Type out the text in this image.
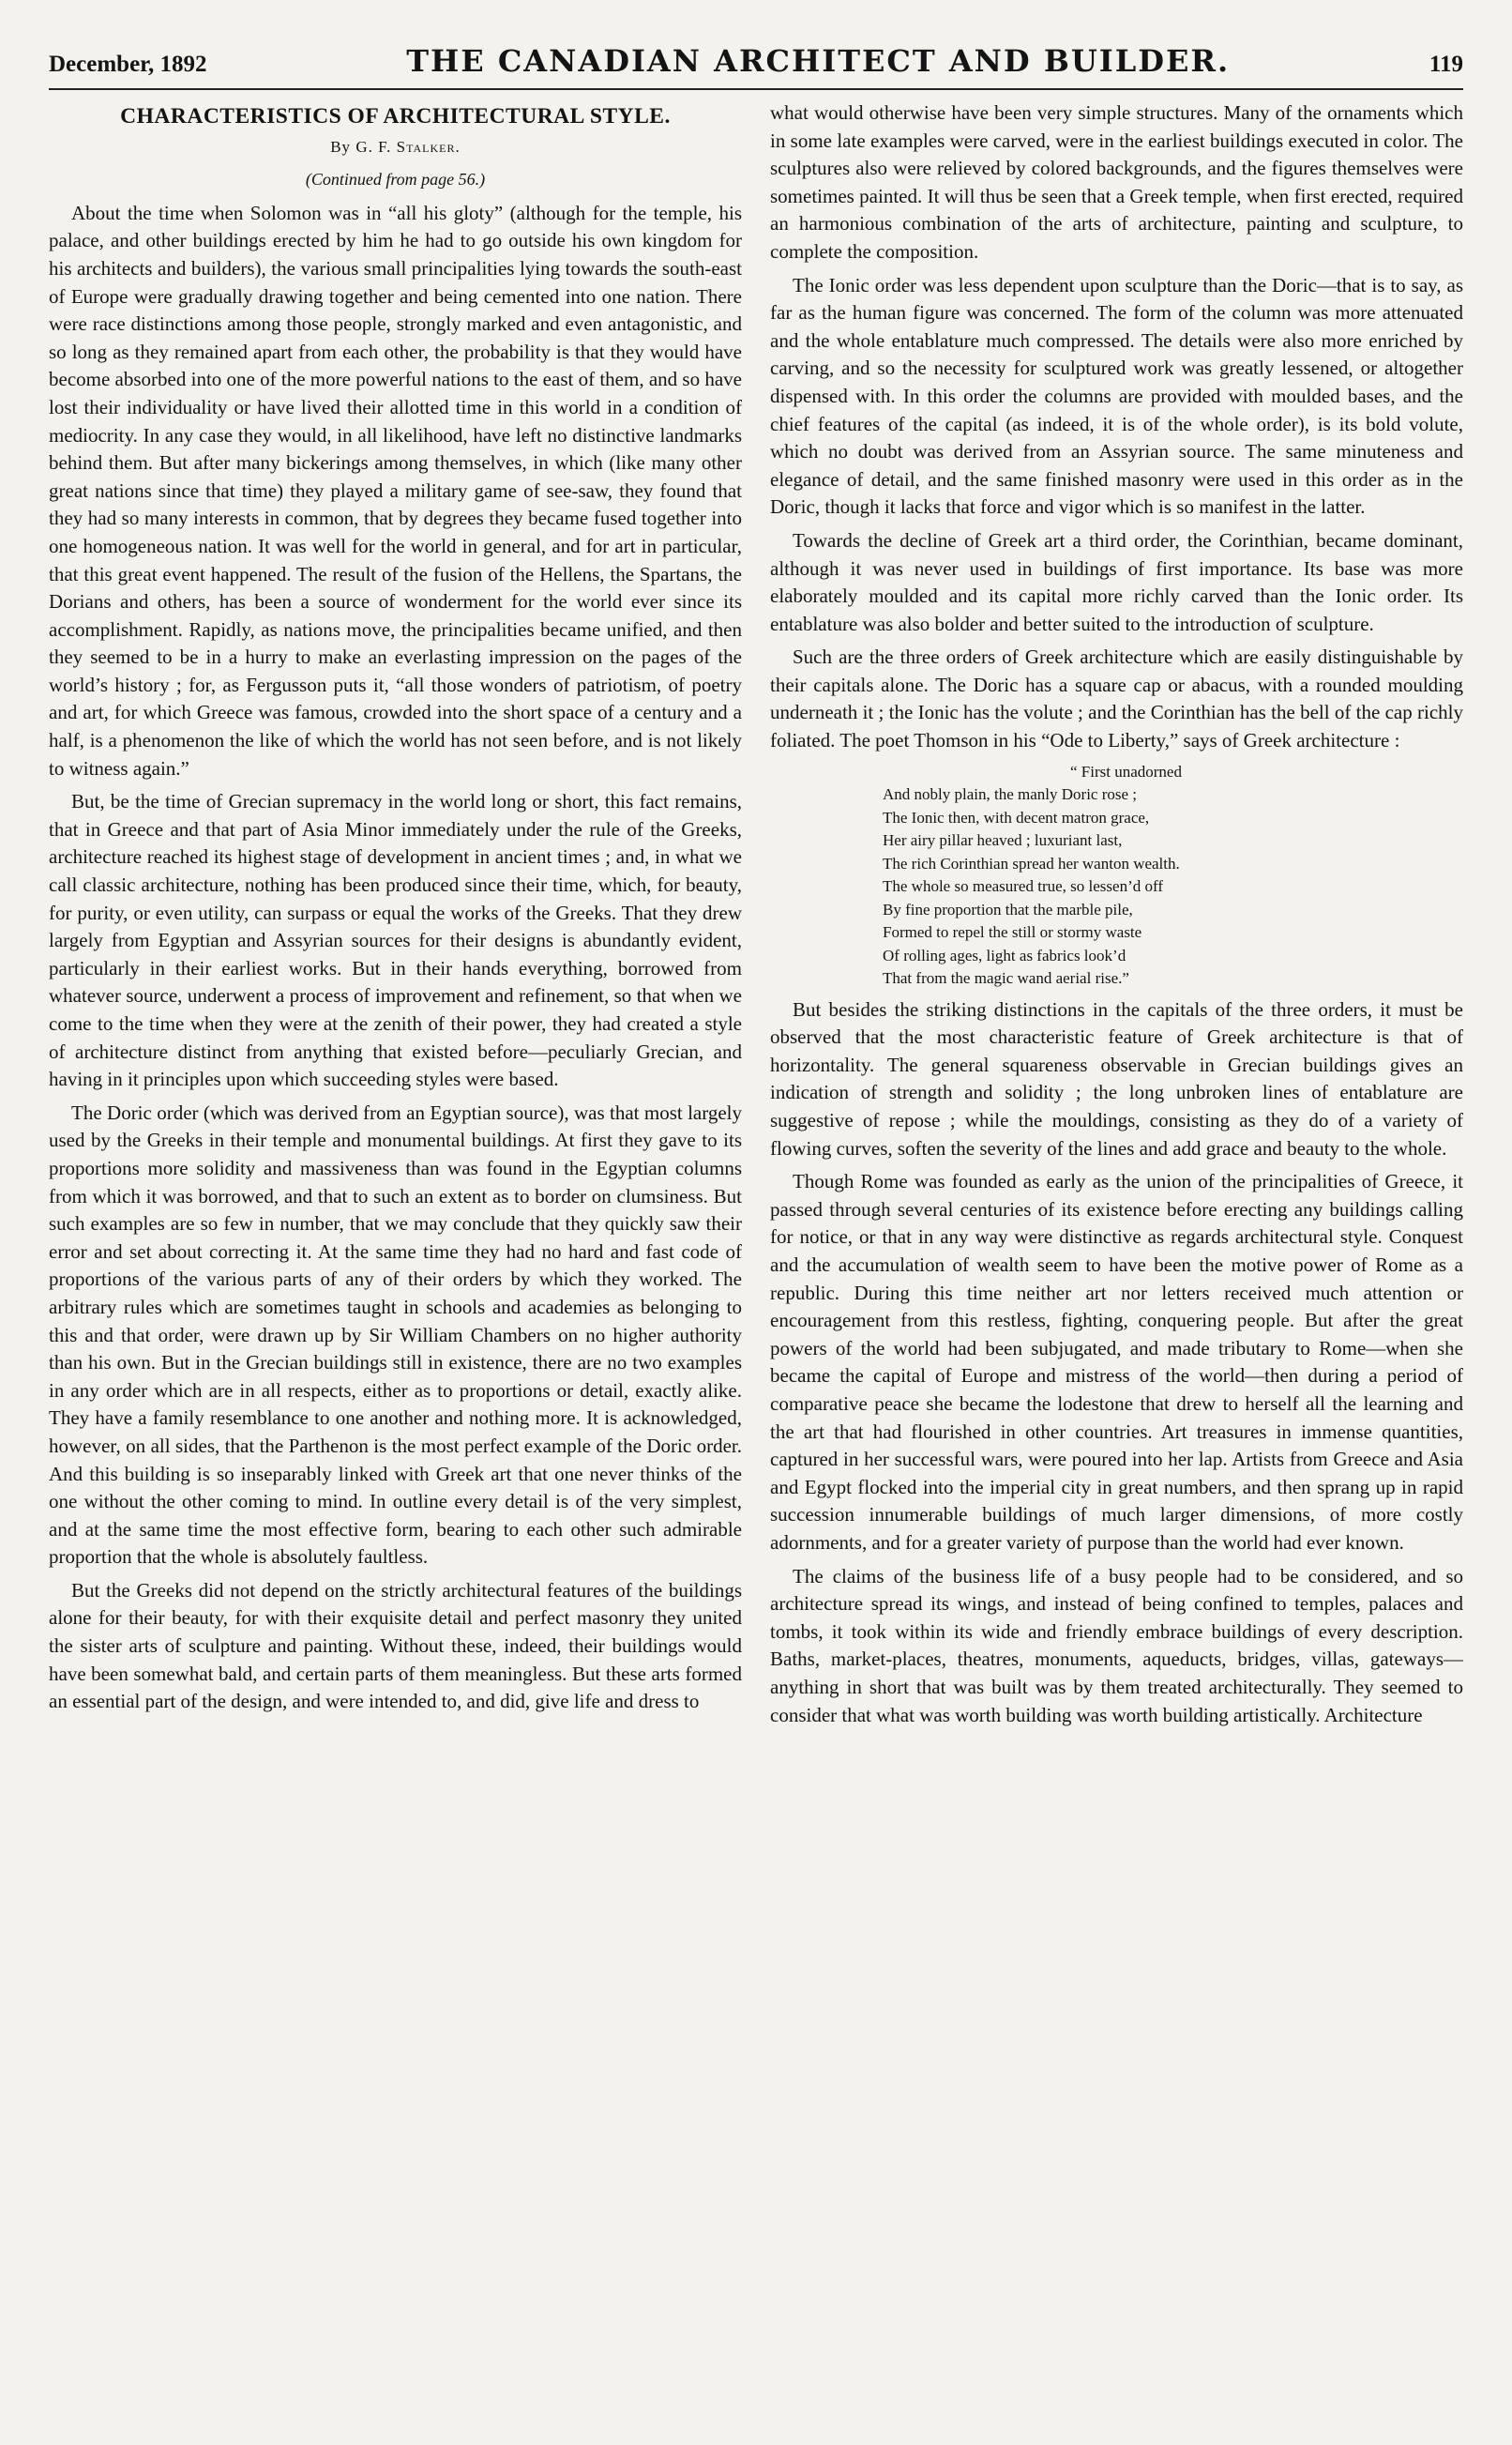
December, 1892	THE CANADIAN ARCHITECT AND BUILDER.	119
CHARACTERISTICS OF ARCHITECTURAL STYLE.

By G. F. Stalker.

(Continued from page 56.)

About the time when Solomon was in “all his gloty” (although for the temple, his palace, and other buildings erected by him he had to go outside his own kingdom for his architects and builders), the various small principalities lying towards the south-east of Europe were gradually drawing together and being cemented into one nation. There were race distinctions among those people, strongly marked and even antagonistic, and so long as they remained apart from each other, the probability is that they would have become absorbed into one of the more powerful nations to the east of them, and so have lost their individuality or have lived their allotted time in this world in a condition of mediocrity. In any case they would, in all likelihood, have left no distinctive landmarks behind them. But after many bickerings among themselves, in which (like many other great nations since that time) they played a military game of see-saw, they found that they had so many interests in common, that by degrees they became fused together into one homogeneous nation. It was well for the world in general, and for art in particular, that this great event happened. The result of the fusion of the Hellens, the Spartans, the Dorians and others, has been a source of wonderment for the world ever since its accomplishment. Rapidly, as nations move, the principalities became unified, and then they seemed to be in a hurry to make an everlasting impression on the pages of the world’s history ; for, as Fergusson puts it, “all those wonders of patriotism, of poetry and art, for which Greece was famous, crowded into the short space of a century and a half, is a phenomenon the like of which the world has not seen before, and is not likely to witness again.”

But, be the time of Grecian supremacy in the world long or short, this fact remains, that in Greece and that part of Asia Minor immediately under the rule of the Greeks, architecture reached its highest stage of development in ancient times ; and, in what we call classic architecture, nothing has been produced since their time, which, for beauty, for purity, or even utility, can surpass or equal the works of the Greeks. That they drew largely from Egyptian and Assyrian sources for their designs is abundantly evident, particularly in their earliest works. But in their hands everything, borrowed from whatever source, underwent a process of improvement and refinement, so that when we come to the time when they were at the zenith of their power, they had created a style of architecture distinct from anything that existed before—peculiarly Grecian, and having in it principles upon which succeeding styles were based.

The Doric order (which was derived from an Egyptian source), was that most largely used by the Greeks in their temple and monumental buildings. At first they gave to its proportions more solidity and massiveness than was found in the Egyptian columns from which it was borrowed, and that to such an extent as to border on clumsiness. But such examples are so few in number, that we may conclude that they quickly saw their error and set about correcting it. At the same time they had no hard and fast code of proportions of the various parts of any of their orders by which they worked. The arbitrary rules which are sometimes taught in schools and academies as belonging to this and that order, were drawn up by Sir William Chambers on no higher authority than his own. But in the Grecian buildings still in existence, there are no two examples in any order which are in all respects, either as to proportions or detail, exactly alike. They have a family resemblance to one another and nothing more. It is acknowledged, however, on all sides, that the Parthenon is the most perfect example of the Doric order. And this building is so inseparably linked with Greek art that one never thinks of the one without the other coming to mind. In outline every detail is of the very simplest, and at the same time the most effective form, bearing to each other such admirable proportion that the whole is absolutely faultless.

But the Greeks did not depend on the strictly architectural features of the buildings alone for their beauty, for with their exquisite detail and perfect masonry they united the sister arts of sculpture and painting. Without these, indeed, their buildings would have been somewhat bald, and certain parts of them meaningless. But these arts formed an essential part of the design, and were intended to, and did, give life and dress to

what would otherwise have been very simple structures. Many of the ornaments which in some late examples were carved, were in the earliest buildings executed in color. The sculptures also were relieved by colored backgrounds, and the figures themselves were sometimes painted. It will thus be seen that a Greek temple, when first erected, required an harmonious combination of the arts of architecture, painting and sculpture, to complete the composition.

The Ionic order was less dependent upon sculpture than the Doric—that is to say, as far as the human figure was concerned. The form of the column was more attenuated and the whole entablature much compressed. The details were also more enriched by carving, and so the necessity for sculptured work was greatly lessened, or altogether dispensed with. In this order the columns are provided with moulded bases, and the chief features of the capital (as indeed, it is of the whole order), is its bold volute, which no doubt was derived from an Assyrian source. The same minuteness and elegance of detail, and the same finished masonry were used in this order as in the Doric, though it lacks that force and vigor which is so manifest in the latter.

Towards the decline of Greek art a third order, the Corinthian, became dominant, although it was never used in buildings of first importance. Its base was more elaborately moulded and its capital more richly carved than the Ionic order. Its entablature was also bolder and better suited to the introduction of sculpture.

Such are the three orders of Greek architecture which are easily distinguishable by their capitals alone. The Doric has a square cap or abacus, with a rounded moulding underneath it ; the Ionic has the volute ; and the Corinthian has the bell of the cap richly foliated. The poet Thomson in his “Ode to Liberty,” says of Greek architecture :

“ First unadorned
And nobly plain, the manly Doric rose ;
The Ionic then, with decent matron grace,
Her airy pillar heaved ; luxuriant last,
The rich Corinthian spread her wanton wealth.
The whole so measured true, so lessen’d off
By fine proportion that the marble pile,
Formed to repel the still or stormy waste
Of rolling ages, light as fabrics look’d
That from the magic wand aerial rise.”

But besides the striking distinctions in the capitals of the three orders, it must be observed that the most characteristic feature of Greek architecture is that of horizontality. The general squareness observable in Grecian buildings gives an indication of strength and solidity ; the long unbroken lines of entablature are suggestive of repose ; while the mouldings, consisting as they do of a variety of flowing curves, soften the severity of the lines and add grace and beauty to the whole.

Though Rome was founded as early as the union of the principalities of Greece, it passed through several centuries of its existence before erecting any buildings calling for notice, or that in any way were distinctive as regards architectural style. Conquest and the accumulation of wealth seem to have been the motive power of Rome as a republic. During this time neither art nor letters received much attention or encouragement from this restless, fighting, conquering people. But after the great powers of the world had been subjugated, and made tributary to Rome—when she became the capital of Europe and mistress of the world—then during a period of comparative peace she became the lodestone that drew to herself all the learning and the art that had flourished in other countries. Art treasures in immense quantities, captured in her successful wars, were poured into her lap. Artists from Greece and Asia and Egypt flocked into the imperial city in great numbers, and then sprang up in rapid succession innumerable buildings of much larger dimensions, of more costly adornments, and for a greater variety of purpose than the world had ever known.

The claims of the business life of a busy people had to be considered, and so architecture spread its wings, and instead of being confined to temples, palaces and tombs, it took within its wide and friendly embrace buildings of every description. Baths, market-places, theatres, monuments, aqueducts, bridges, villas, gateways—anything in short that was built was by them treated architecturally. They seemed to consider that what was worth building was worth building artistically. Architecture
